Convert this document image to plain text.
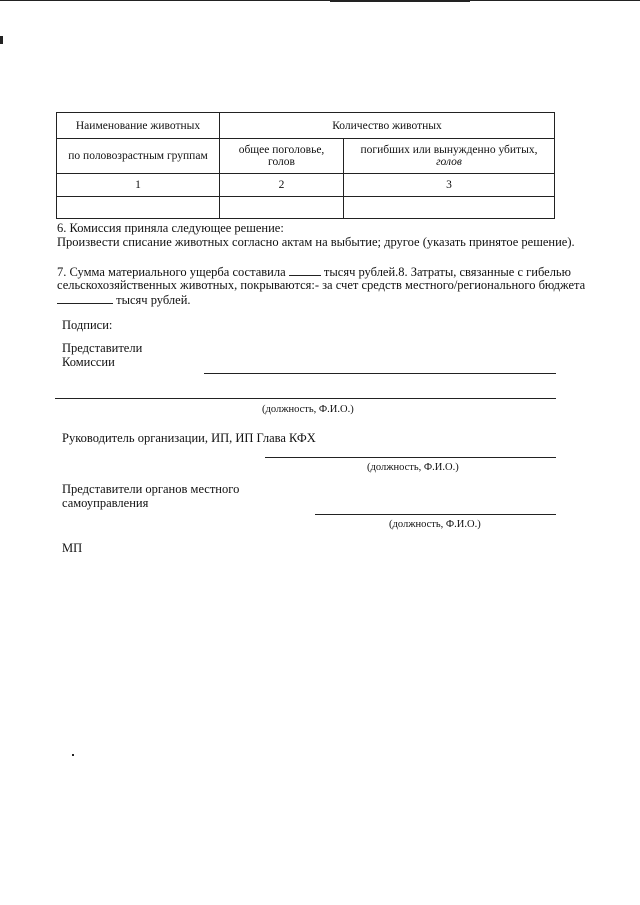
Наименование животных	Количество животных	
по половозрастным группам	общее поголовье, голов	погибших или вынужденно убитых, голов
1	2	3

6. Комиссия приняла следующее решение:
Произвести списание животных согласно актам на выбытие; другое (указать принятое решение).
7. Сумма материального ущерба составила	тысяч рублей.8. Затраты, связанные с гибелью
сельскохозяйственных животных, покрываются:- за счет средств местного/регионального бюджета
тысяч рублей.
Подписи:
Представители
Комиссии
(должность, Ф.И.О.)
Руководитель организации, ИП, ИП Глава КФХ
(должность, Ф.И.О.)
Представители органов местного
самоуправления
(должность, Ф.И.О.)
МП
